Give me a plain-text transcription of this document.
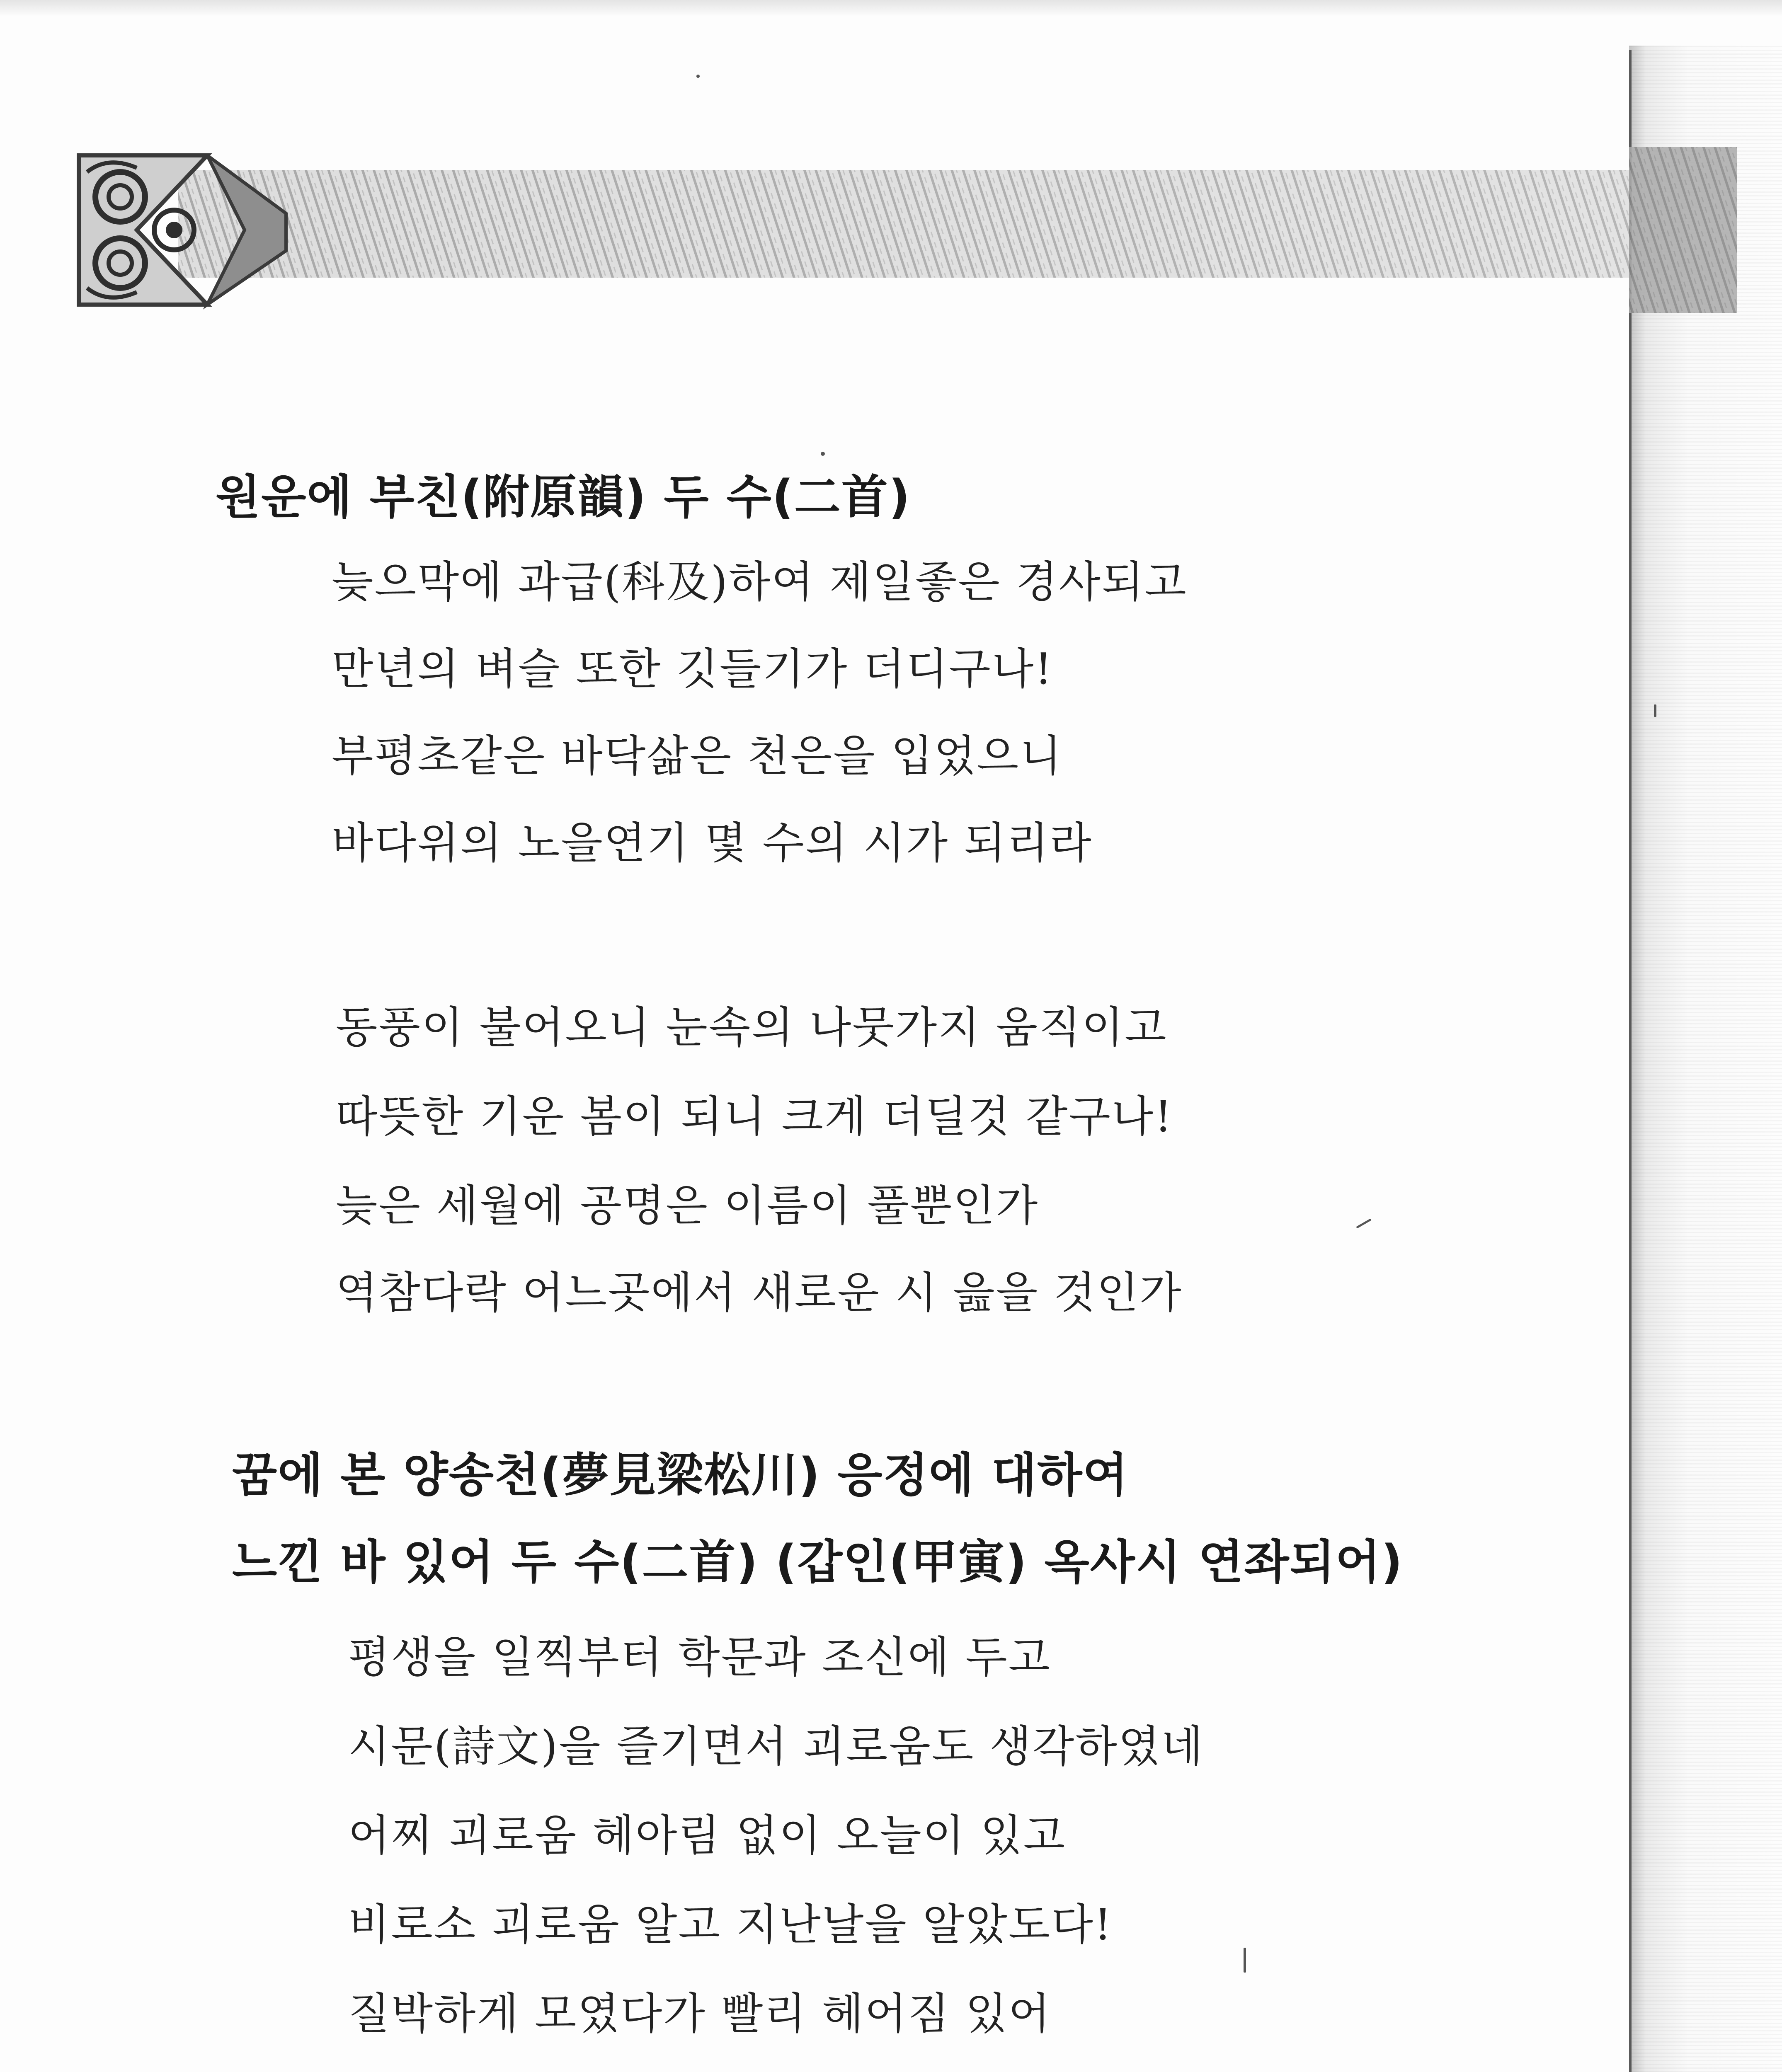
원운에 부친(附原韻) 두 수(二首)
늦으막에 과급(科及)하여 제일좋은 경사되고
만년의 벼슬 또한 깃들기가 더디구나!
부평초같은 바닥삶은 천은을 입었으니
바다위의 노을연기 몇 수의 시가 되리라
동풍이 불어오니 눈속의 나뭇가지 움직이고
따뜻한 기운 봄이 되니 크게 더딜것 같구나!
늦은 세월에 공명은 이름이 풀뿐인가
역참다락 어느곳에서 새로운 시 읊을 것인가
꿈에 본 양송천(夢見梁松川) 응정에 대하여
느낀 바 있어 두 수(二首) (갑인(甲寅) 옥사시 연좌되어)
평생을 일찍부터 학문과 조신에 두고
시문(詩文)을 즐기면서 괴로움도 생각하였네
어찌 괴로움 헤아림 없이 오늘이 있고
비로소 괴로움 알고 지난날을 알았도다!
질박하게 모였다가 빨리 헤어짐 있어
